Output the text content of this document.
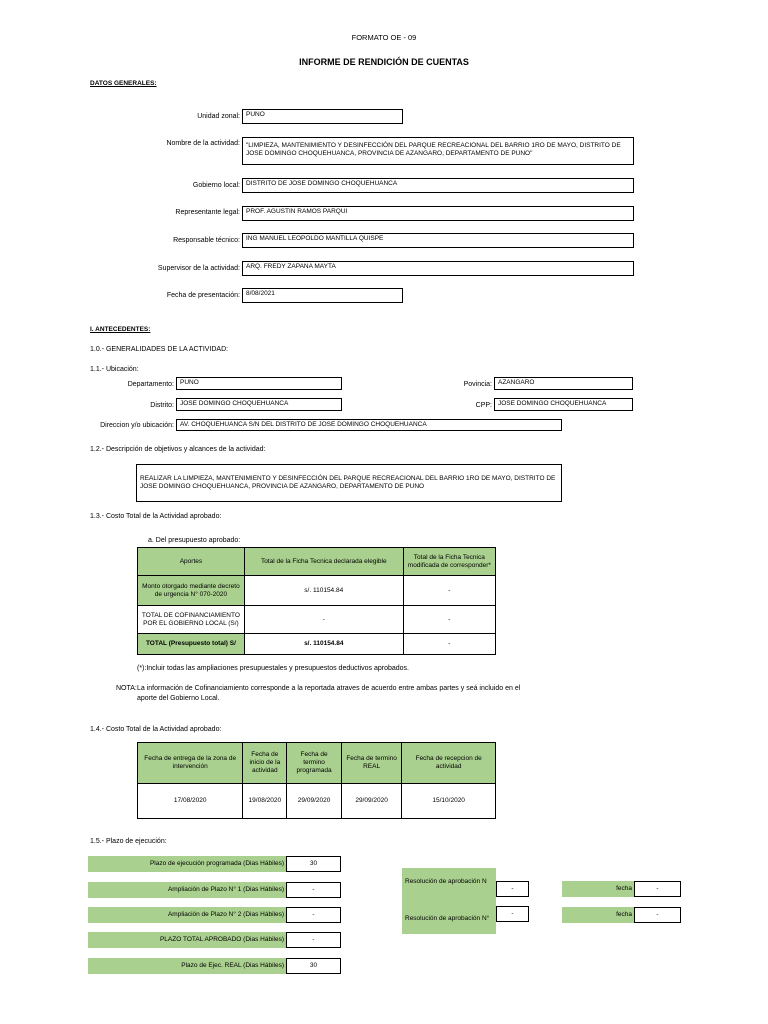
FORMATO OE - 09
INFORME DE RENDICIÓN DE CUENTAS
DATOS GENERALES:
Unidad zonal: PUNO
Nombre de la actividad: "LIMPIEZA, MANTENIMIENTO Y DESINFECCIÓN DEL PARQUE RECREACIONAL DEL BARRIO 1RO DE MAYO, DISTRITO DE JOSE DOMINGO CHOQUEHUANCA, PROVINCIA DE AZANGARO, DEPARTAMENTO DE PUNO"
Gobierno local: DISTRITO DE JOSE DOMINGO CHOQUEHUANCA
Representante legal: PROF. AGUSTIN RAMOS PARQUI
Responsable técnico: ING MANUEL LEOPOLDO MANTILLA QUISPE
Supervisor de la actividad: ARQ. FREDY ZAPANA MAYTA
Fecha de presentación: 8/08/2021
I. ANTECEDENTES:
1.0.- GENERALIDADES DE LA ACTIVIDAD:
1.1.- Ubicación:
Departamento: PUNO	Povincia: AZANGARO
Distrito: JOSE DOMINGO CHOQUEHUANCA	CPP: JOSE DOMINGO CHOQUEHUANCA
Direccion y/o ubicación: AV. CHOQUEHUANCA S/N DEL DISTRITO DE JOSE DOMINGO CHOQUEHUANCA
1.2.- Descripción de objetivos y alcances de la actividad:
REALIZAR LA LIMPIEZA, MANTENIMIENTO Y DESINFECCIÓN DEL PARQUE RECREACIONAL DEL BARRIO 1RO DE MAYO, DISTRITO DE JOSE DOMINGO CHOQUEHUANCA, PROVINCIA DE AZANGARO, DEPARTAMENTO DE PUNO
1.3.- Costo Total de la Actividad aprobado:
a. Del presupuesto aprobado:
Aportes	Total de la Ficha Tecnica declarada elegible	Total de la Ficha Tecnica modificada de corresponder*
Monto otorgado mediante decreto de urgencia N° 070-2020	s/. 110154.84	-
TOTAL DE COFINANCIAMIENTO POR EL GOBIERNO LOCAL (S/)	-	-
TOTAL (Presupuesto total) S/	s/. 110154.84	-
(*):Incluir todas las ampliaciones presupuestales y presupuestos deductivos aprobados.
NOTA: La información de Cofinanciamiento corresponde a la reportada atraves de acuerdo entre ambas partes y seá incluido en el aporte del Gobierno Local.
1.4.- Costo Total de la Actividad aprobado:
Fecha de entrega de la zona de intervención	Fecha de inicio de la actividad	Fecha de termino programada	Fecha de termino REAL	Fecha de recepcion de actividad
17/08/2020	19/08/2020	29/09/2020	29/09/2020	15/10/2020
1.5.- Plazo de ejecución:
Plazo de ejecución programada (Dias Hábiles)	30
Ampliación de Plazo N° 1 (Dias Hábiles)	-
Ampliación de Plazo N° 2 (Dias Hábiles)	-
PLAZO TOTAL APROBADO (Dias Hábiles)	-
Plazo de Ejec. REAL (Dias Hábiles)	30
Resolución de aprobación N
-
Resolución de aprobación N°
-
fecha	-
fecha	-
